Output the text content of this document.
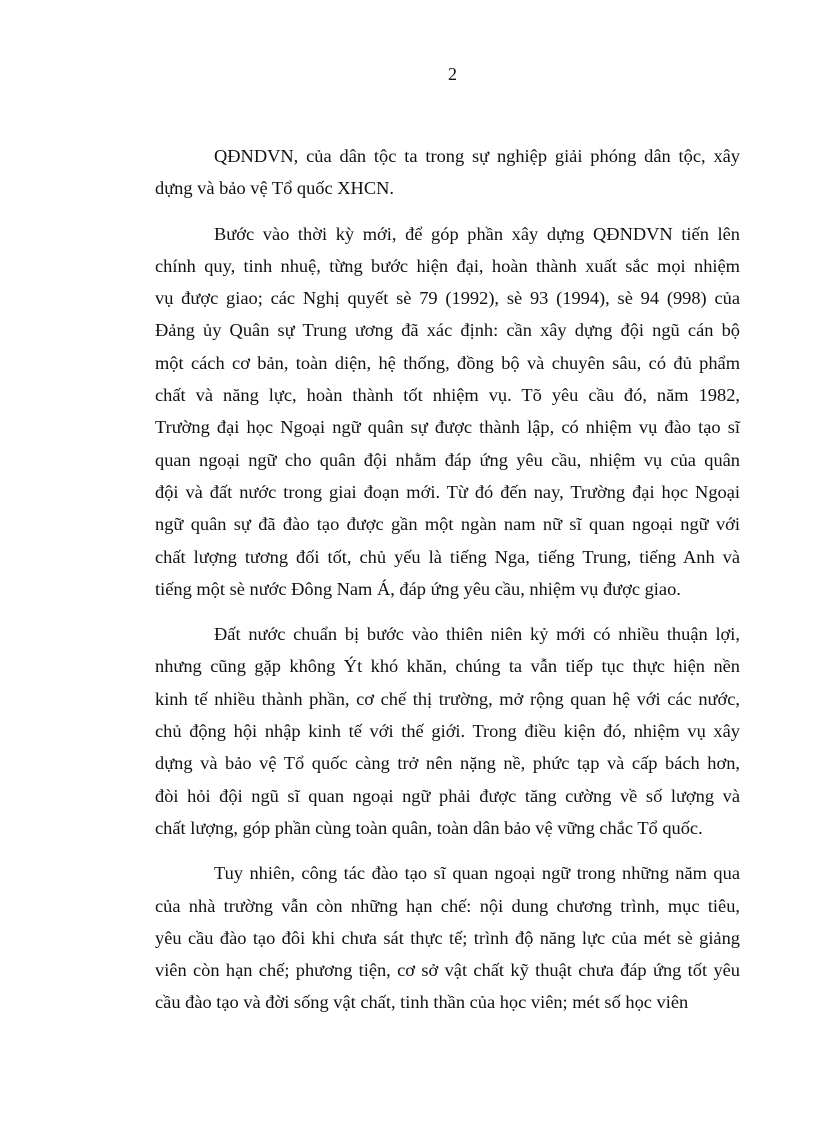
2
QĐNDVN, của dân tộc ta trong sự nghiệp giải phóng dân tộc, xây
dựng và bảo vệ Tổ quốc XHCN.
Bước vào thời kỳ mới, để góp phần xây dựng QĐNDVN tiến lên
chính quy, tinh nhuệ, từng bước hiện đại, hoàn thành xuất sắc mọi nhiệm
vụ được giao; các Nghị quyết sè 79 (1992), sè 93 (1994), sè 94 (998) của
Đảng ủy Quân sự Trung ương đã xác định: cần xây dựng đội ngũ cán bộ
một cách cơ bản, toàn diện, hệ thống, đồng bộ và chuyên sâu, có đủ phẩm
chất và năng lực, hoàn thành tốt nhiệm vụ. Tõ yêu cầu đó, năm 1982,
Trường đại học Ngoại ngữ quân sự được thành lập, có nhiệm vụ đào tạo sĩ
quan ngoại ngữ cho quân đội nhằm đáp ứng yêu cầu, nhiệm vụ của quân
đội và đất nước trong giai đoạn mới. Từ đó đến nay, Trường đại học Ngoại
ngữ quân sự đã đào tạo được gần một ngàn nam nữ sĩ quan ngoại ngữ với
chất lượng tương đối tốt, chủ yếu là tiếng Nga, tiếng Trung, tiếng Anh và
tiếng một sè nước Đông Nam Á, đáp ứng yêu cầu, nhiệm vụ được giao.
Đất nước chuẩn bị bước vào thiên niên kỷ mới có nhiều thuận lợi,
nhưng cũng gặp không Ýt khó khăn, chúng ta vẫn tiếp tục thực hiện nền
kinh tế nhiều thành phần, cơ chế thị trường, mở rộng quan hệ với các nước,
chủ động hội nhập kinh tế với thế giới. Trong điều kiện đó, nhiệm vụ xây
dựng và bảo vệ Tổ quốc càng trở nên nặng nề, phức tạp và cấp bách hơn,
đòi hỏi đội ngũ sĩ quan ngoại ngữ phải được tăng cường về số lượng và
chất lượng, góp phần cùng toàn quân, toàn dân bảo vệ vững chắc Tổ quốc.
Tuy nhiên, công tác đào tạo sĩ quan ngoại ngữ trong những năm qua
của nhà trường vẫn còn những hạn chế: nội dung chương trình, mục tiêu,
yêu cầu đào tạo đôi khi chưa sát thực tế; trình độ năng lực của mét sè giảng
viên còn hạn chế; phương tiện, cơ sở vật chất kỹ thuật chưa đáp ứng tốt yêu
cầu đào tạo và đời sống vật chất, tinh thần của học viên; mét số học viên
